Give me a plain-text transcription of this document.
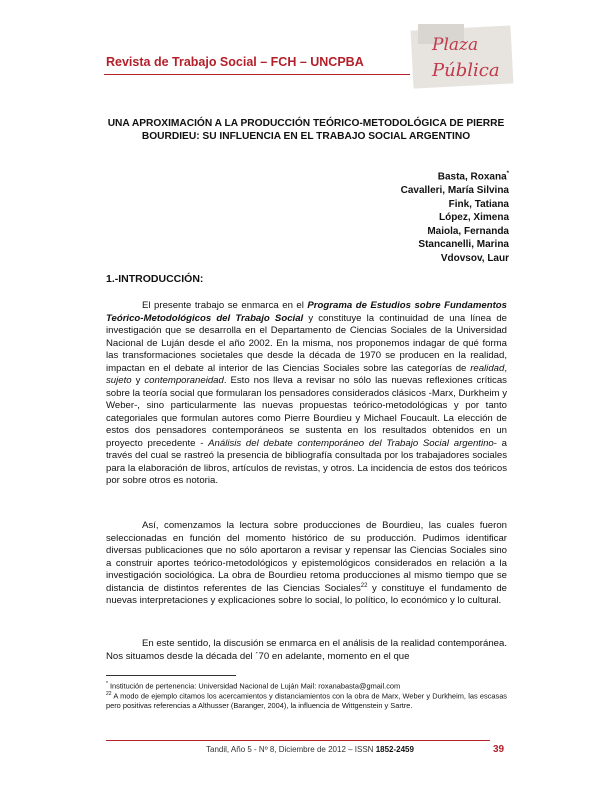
Revista de Trabajo Social – FCH – UNCPBA
Plaza
Pública
UNA APROXIMACIÓN A LA PRODUCCIÓN TEÓRICO-METODOLÓGICA DE PIERRE BOURDIEU: SU INFLUENCIA EN EL TRABAJO SOCIAL ARGENTINO
Basta, Roxana*
Cavalleri, María Silvina
Fink, Tatiana
López, Ximena
Maiola, Fernanda
Stancanelli, Marina
Vdovsov, Laur
1.-INTRODUCCIÓN:

El presente trabajo se enmarca en el Programa de Estudios sobre Fundamentos Teórico-Metodológicos del Trabajo Social y constituye la continuidad de una línea de investigación que se desarrolla en el Departamento de Ciencias Sociales de la Universidad Nacional de Luján desde el año 2002. En la misma, nos proponemos indagar de qué forma las transformaciones societales que desde la década de 1970 se producen en la realidad, impactan en el debate al interior de las Ciencias Sociales sobre las categorías de realidad, sujeto y contemporaneidad. Esto nos lleva a revisar no sólo las nuevas reflexiones críticas sobre la teoría social que formularan los pensadores considerados clásicos -Marx, Durkheim y Weber-, sino particularmente las nuevas propuestas teórico-metodológicas y por tanto categoriales que formulan autores como Pierre Bourdieu y Michael Foucault. La elección de estos dos pensadores contemporáneos se sustenta en los resultados obtenidos en un proyecto precedente - Análisis del debate contemporáneo del Trabajo Social argentino- a través del cual se rastreó la presencia de bibliografía consultada por los trabajadores sociales para la elaboración de libros, artículos de revistas, y otros. La incidencia de estos dos teóricos por sobre otros es notoria.

Así, comenzamos la lectura sobre producciones de Bourdieu, las cuales fueron seleccionadas en función del momento histórico de su producción. Pudimos identificar diversas publicaciones que no sólo aportaron a revisar y repensar las Ciencias Sociales sino a construir aportes teórico-metodológicos y epistemológicos considerados en relación a la investigación sociológica. La obra de Bourdieu retoma producciones al mismo tiempo que se distancia de distintos referentes de las Ciencias Sociales$^{22}$ y constituye el fundamento de nuevas interpretaciones y explicaciones sobre lo social, lo político, lo económico y lo cultural.

En este sentido, la discusión se enmarca en el análisis de la realidad contemporánea. Nos situamos desde la década del ´70 en adelante, momento en el que

* Institución de pertenencia: Universidad Nacional de Luján Mail: roxanabasta@gmail.com
$^{22}$ A modo de ejemplo citamos los acercamientos y distanciamientos con la obra de Marx, Weber y Durkheim, las escasas pero positivas referencias a Althusser (Baranger, 2004), la influencia de Wittgenstein y Sartre.
Tandil, Año 5 - Nº 8, Diciembre de 2012 – ISSN 1852-2459	39
